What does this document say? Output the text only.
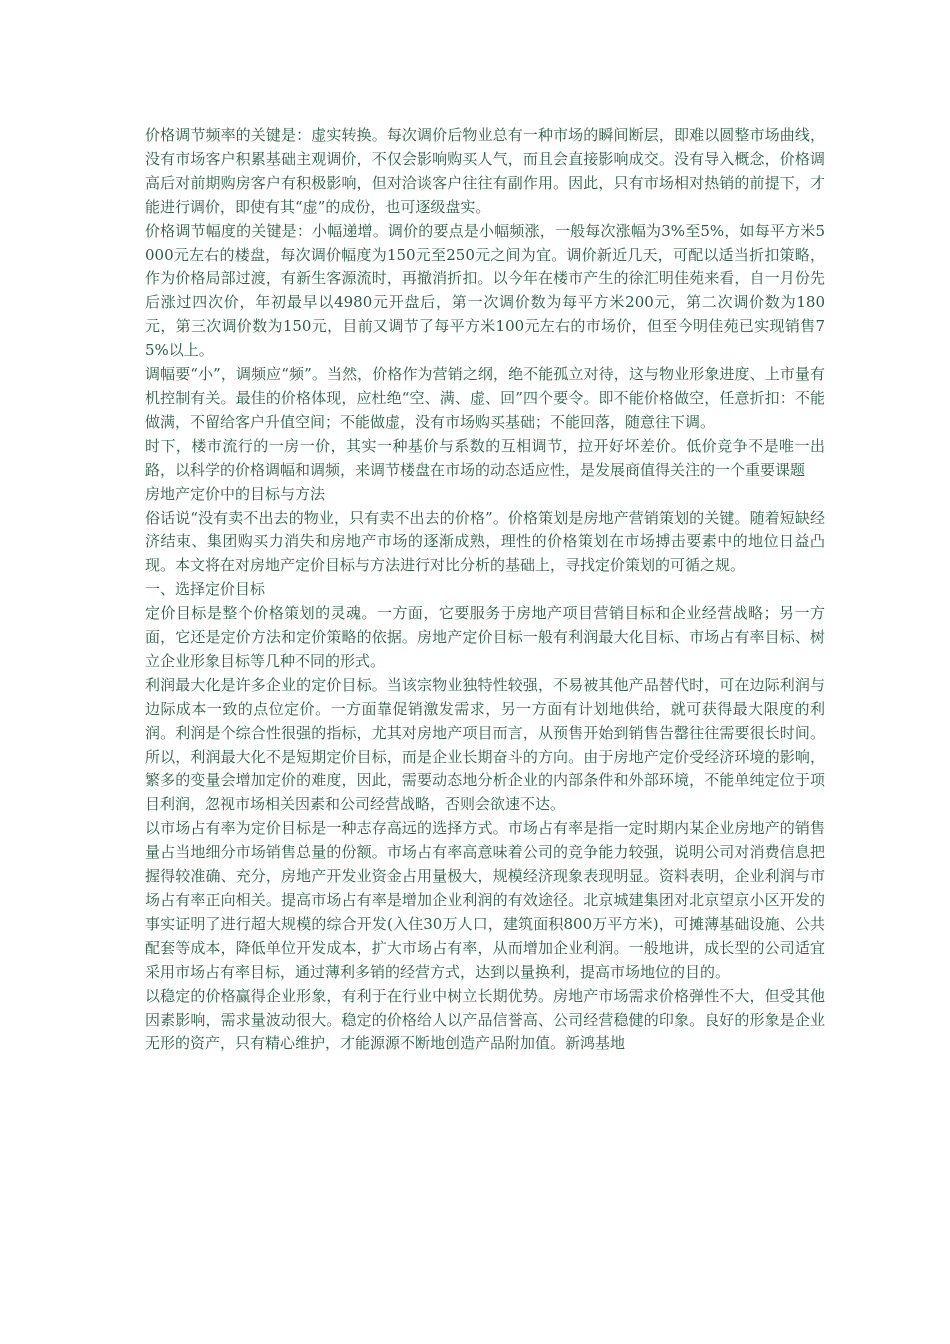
价格调节频率的关键是：虚实转换。每次调价后物业总有一种市场的瞬间断层，即难以圆整市场曲线，没有市场客户积累基础主观调价，不仅会影响购买人气，而且会直接影响成交。没有导入概念，价格调高后对前期购房客户有积极影响，但对洽谈客户往往有副作用。因此，只有市场相对热销的前提下，才能进行调价，即使有其“虚”的成份，也可逐级盘实。

价格调节幅度的关键是：小幅递增。调价的要点是小幅频涨，一般每次涨幅为3%至5%，如每平方米5000元左右的楼盘，每次调价幅度为150元至250元之间为宜。调价新近几天，可配以适当折扣策略，作为价格局部过渡，有新生客源流时，再撤消折扣。以今年在楼市产生的徐汇明佳苑来看，自一月份先后涨过四次价，年初最早以4980元开盘后，第一次调价数为每平方米200元，第二次调价数为180元，第三次调价数为150元，目前又调节了每平方米100元左右的市场价，但至今明佳苑已实现销售75%以上。

调幅要“小”，调频应“频”。当然，价格作为营销之纲，绝不能孤立对待，这与物业形象进度、上市量有机控制有关。最佳的价格体现，应杜绝“空、满、虚、回”四个要令。即不能价格做空，任意折扣：不能做满，不留给客户升值空间；不能做虚，没有市场购买基础；不能回落，随意往下调。

时下，楼市流行的一房一价，其实一种基价与系数的互相调节，拉开好坏差价。低价竞争不是唯一出路，以科学的价格调幅和调频，来调节楼盘在市场的动态适应性，是发展商值得关注的一个重要课题

房地产定价中的目标与方法

俗话说“没有卖不出去的物业，只有卖不出去的价格”。价格策划是房地产营销策划的关键。随着短缺经济结束、集团购买力消失和房地产市场的逐渐成熟，理性的价格策划在市场搏击要素中的地位日益凸现。本文将在对房地产定价目标与方法进行对比分析的基础上，寻找定价策划的可循之规。

一、选择定价目标

定价目标是整个价格策划的灵魂。一方面，它要服务于房地产项目营销目标和企业经营战略；另一方面，它还是定价方法和定价策略的依据。房地产定价目标一般有利润最大化目标、市场占有率目标、树立企业形象目标等几种不同的形式。

利润最大化是许多企业的定价目标。当该宗物业独特性较强，不易被其他产品替代时，可在边际利润与边际成本一致的点位定价。一方面靠促销激发需求，另一方面有计划地供给，就可获得最大限度的利润。利润是个综合性很强的指标，尤其对房地产项目而言，从预售开始到销售告罄往往需要很长时间。所以，利润最大化不是短期定价目标，而是企业长期奋斗的方向。由于房地产定价受经济环境的影响，繁多的变量会增加定价的难度，因此，需要动态地分析企业的内部条件和外部环境，不能单纯定位于项目利润，忽视市场相关因素和公司经营战略，否则会欲速不达。

以市场占有率为定价目标是一种志存高远的选择方式。市场占有率是指一定时期内某企业房地产的销售量占当地细分市场销售总量的份额。市场占有率高意味着公司的竞争能力较强，说明公司对消费信息把握得较准确、充分，房地产开发业资金占用量极大，规模经济现象表现明显。资料表明，企业利润与市场占有率正向相关。提高市场占有率是增加企业利润的有效途径。北京城建集团对北京望京小区开发的事实证明了进行超大规模的综合开发(入住30万人口，建筑面积800万平方米)，可摊薄基础设施、公共配套等成本，降低单位开发成本，扩大市场占有率，从而增加企业利润。一般地讲，成长型的公司适宜采用市场占有率目标，通过薄利多销的经营方式，达到以量换利，提高市场地位的目的。

以稳定的价格赢得企业形象，有利于在行业中树立长期优势。房地产市场需求价格弹性不大，但受其他因素影响，需求量波动很大。稳定的价格给人以产品信誉高、公司经营稳健的印象。良好的形象是企业无形的资产，只有精心维护，才能源源不断地创造产品附加值。新鸿基地
